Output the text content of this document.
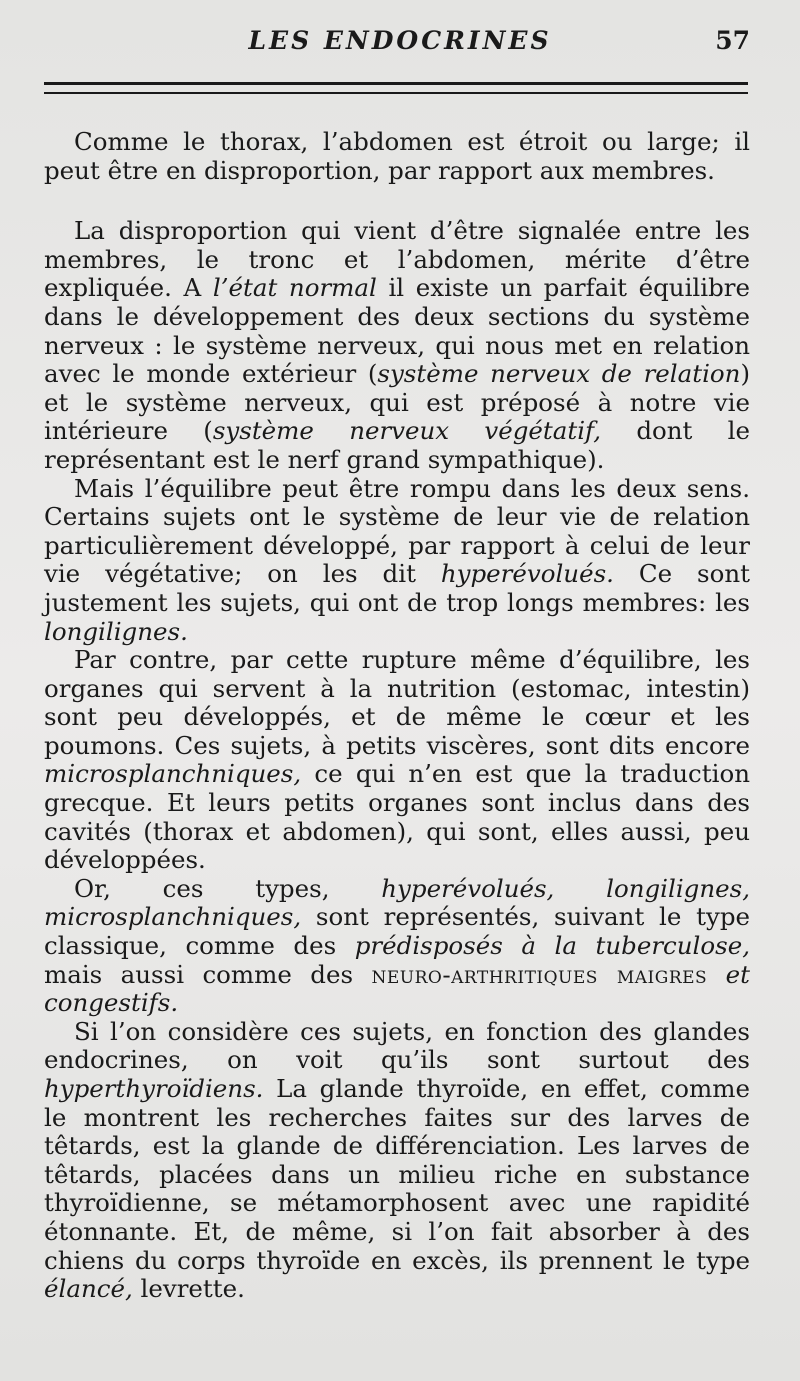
LES ENDOCRINES	57

Comme le thorax, l’abdomen est étroit ou large; il peut être en disproportion, par rapport aux membres.

La disproportion qui vient d’être signalée entre les membres, le tronc et l’abdomen, mérite d’être expliquée. A l’état normal il existe un parfait équilibre dans le développement des deux sections du système nerveux : le système nerveux, qui nous met en relation avec le monde extérieur (système nerveux de relation) et le système nerveux, qui est préposé à notre vie intérieure (système nerveux végétatif, dont le représentant est le nerf grand sympathique).

Mais l’équilibre peut être rompu dans les deux sens. Certains sujets ont le système de leur vie de relation particulièrement développé, par rapport à celui de leur vie végétative; on les dit hyperévolués. Ce sont justement les sujets, qui ont de trop longs membres: les longilignes.

Par contre, par cette rupture même d’équilibre, les organes qui servent à la nutrition (estomac, intestin) sont peu développés, et de même le cœur et les poumons. Ces sujets, à petits viscères, sont dits encore microsplanchniques, ce qui n’en est que la traduction grecque. Et leurs petits organes sont inclus dans des cavités (thorax et abdomen), qui sont, elles aussi, peu développées.

Or, ces types, hyperévolués, longilignes, microsplanchniques, sont représentés, suivant le type classique, comme des prédisposés à la tuberculose, mais aussi comme des neuro-arthritiques maigres et congestifs.

Si l’on considère ces sujets, en fonction des glandes endocrines, on voit qu’ils sont surtout des hyperthyroïdiens. La glande thyroïde, en effet, comme le montrent les recherches faites sur des larves de têtards, est la glande de différenciation. Les larves de têtards, placées dans un milieu riche en substance thyroïdienne, se métamorphosent avec une rapidité étonnante. Et, de même, si l’on fait absorber à des chiens du corps thyroïde en excès, ils prennent le type élancé, levrette.
